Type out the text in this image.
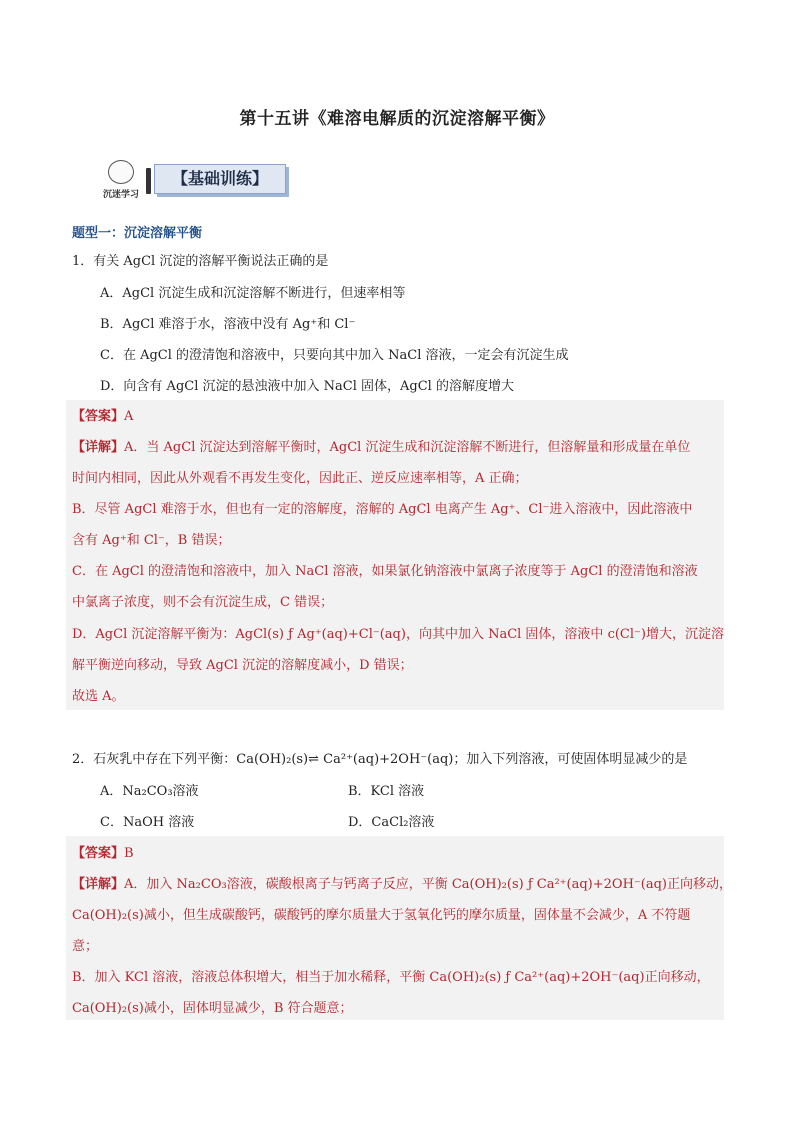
第十五讲《难溶电解质的沉淀溶解平衡》
沉迷学习
【基础训练】
题型一：沉淀溶解平衡
1．有关 AgCl 沉淀的溶解平衡说法正确的是
A．AgCl 沉淀生成和沉淀溶解不断进行，但速率相等
B．AgCl 难溶于水，溶液中没有 Ag⁺和 Cl⁻
C．在 AgCl 的澄清饱和溶液中，只要向其中加入 NaCl 溶液，一定会有沉淀生成
D．向含有 AgCl 沉淀的悬浊液中加入 NaCl 固体，AgCl 的溶解度增大
【答案】A
【详解】A．当 AgCl 沉淀达到溶解平衡时，AgCl 沉淀生成和沉淀溶解不断进行，但溶解量和形成量在单位
时间内相同，因此从外观看不再发生变化，因此正、逆反应速率相等，A 正确；
B．尽管 AgCl 难溶于水，但也有一定的溶解度，溶解的 AgCl 电离产生 Ag⁺、Cl⁻进入溶液中，因此溶液中
含有 Ag⁺和 Cl⁻，B 错误；
C．在 AgCl 的澄清饱和溶液中，加入 NaCl 溶液，如果氯化钠溶液中氯离子浓度等于 AgCl 的澄清饱和溶液
中氯离子浓度，则不会有沉淀生成，C 错误；
D．AgCl 沉淀溶解平衡为：AgCl(s) ƒ Ag⁺(aq)+Cl⁻(aq)，向其中加入 NaCl 固体，溶液中 c(Cl⁻)增大，沉淀溶
解平衡逆向移动，导致 AgCl 沉淀的溶解度减小，D 错误；
故选 A。
2．石灰乳中存在下列平衡：Ca(OH)₂(s)⇌ Ca²⁺(aq)+2OH⁻(aq)；加入下列溶液，可使固体明显减少的是
A．Na₂CO₃溶液	B．KCl 溶液
C．NaOH 溶液	D．CaCl₂溶液
【答案】B
【详解】A．加入 Na₂CO₃溶液，碳酸根离子与钙离子反应，平衡 Ca(OH)₂(s) ƒ Ca²⁺(aq)+2OH⁻(aq)正向移动，
Ca(OH)₂(s)减小，但生成碳酸钙，碳酸钙的摩尔质量大于氢氧化钙的摩尔质量，固体量不会减少，A 不符题
意；
B．加入 KCl 溶液，溶液总体积增大，相当于加水稀释，平衡 Ca(OH)₂(s) ƒ Ca²⁺(aq)+2OH⁻(aq)正向移动，
Ca(OH)₂(s)减小，固体明显减少，B 符合题意；
